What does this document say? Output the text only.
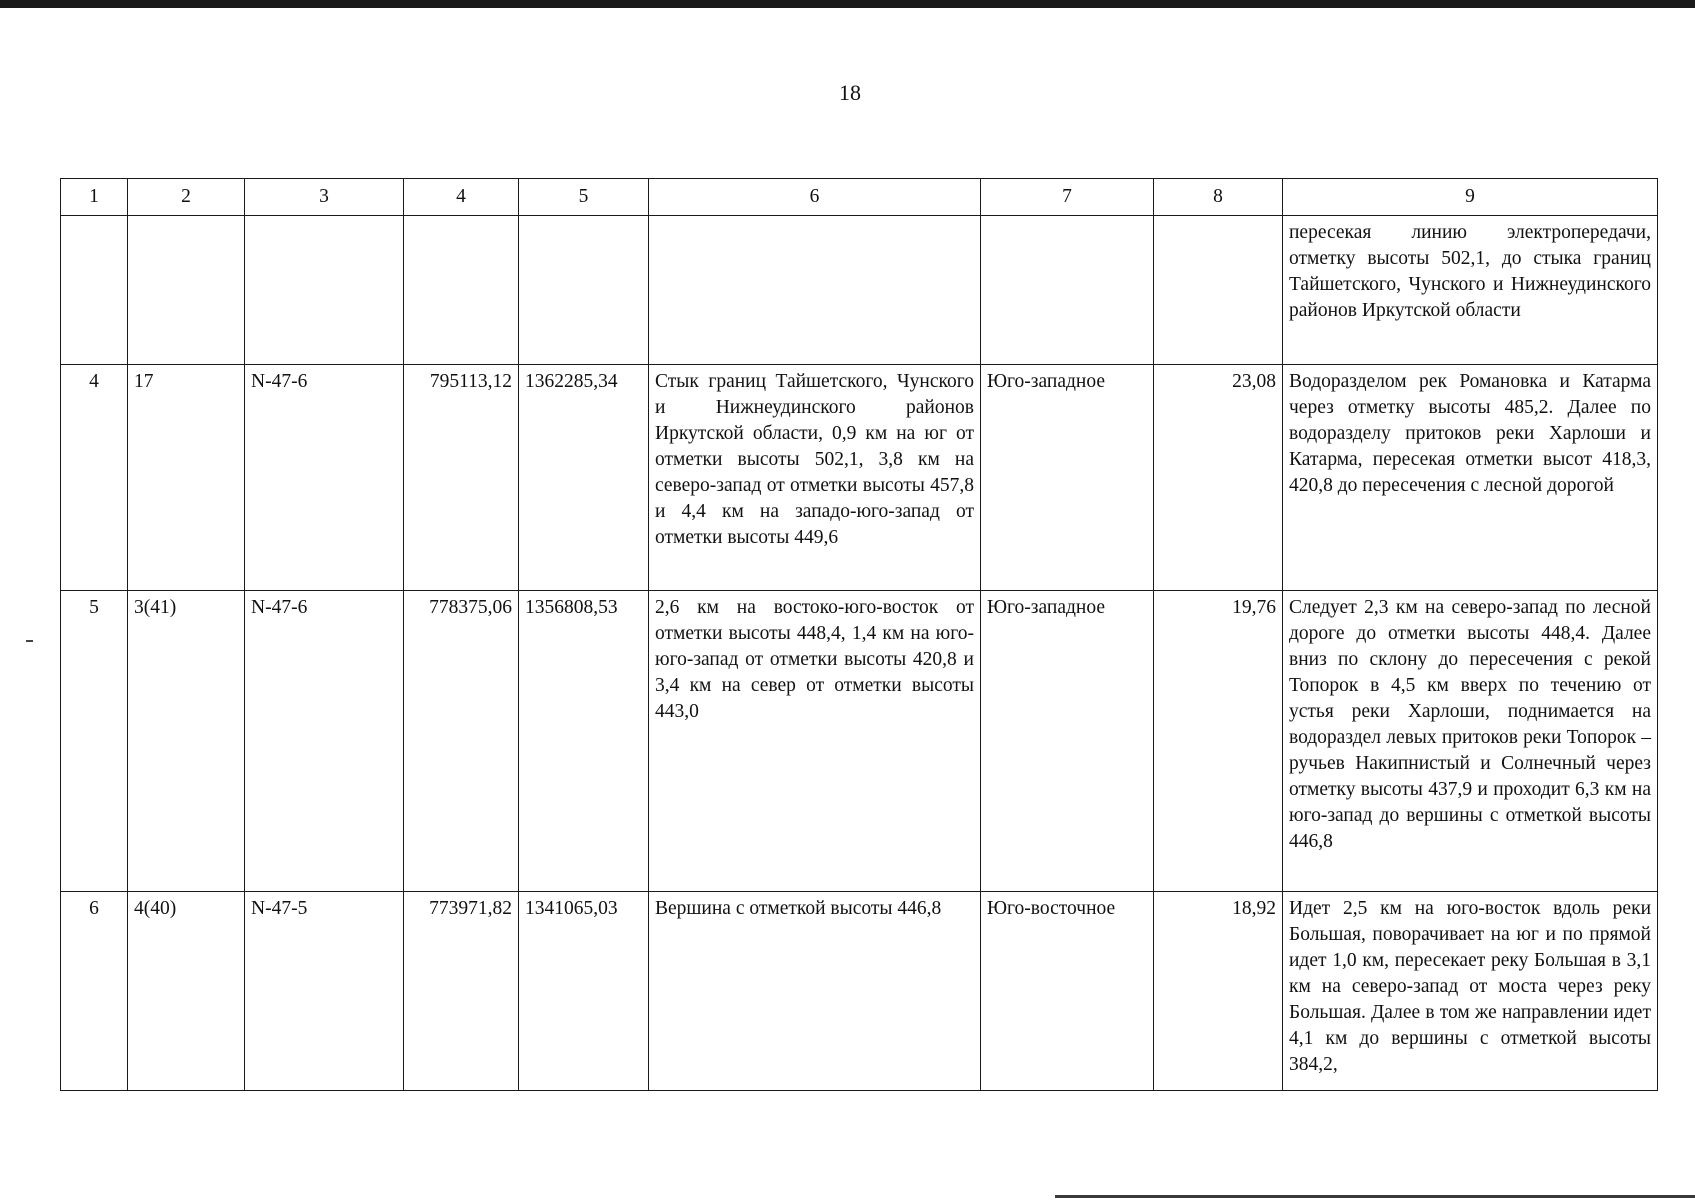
18
1	2	3	4	5	6	7	8	9
								пересекая линию электропередачи, отметку высоты 502,1, до стыка границ Тайшетского, Чунского и Нижнеудинского районов Иркутской области
4	17	N-47-6	795113,12	1362285,34	Стык границ Тайшетского, Чунского и Нижнеудинского районов Иркутской области, 0,9 км на юг от отметки высоты 502,1, 3,8 км на северо-запад от отметки высоты 457,8 и 4,4 км на западо-юго-запад от отметки высоты 449,6	Юго-западное	23,08	Водоразделом рек Романовка и Катарма через отметку высоты 485,2. Далее по водоразделу притоков реки Харлоши и Катарма, пересекая отметки высот 418,3, 420,8 до пересечения с лесной дорогой
5	3(41)	N-47-6	778375,06	1356808,53	2,6 км на востоко-юго-восток от отметки высоты 448,4, 1,4 км на юго-юго-запад от отметки высоты 420,8 и 3,4 км на север от отметки высоты 443,0	Юго-западное	19,76	Следует 2,3 км на северо-запад по лесной дороге до отметки высоты 448,4. Далее вниз по склону до пересечения с рекой Топорок в 4,5 км вверх по течению от устья реки Харлоши, поднимается на водораздел левых притоков реки Топорок – ручьев Накипнистый и Солнечный через отметку высоты 437,9 и проходит 6,3 км на юго-запад до вершины с отметкой высоты 446,8
6	4(40)	N-47-5	773971,82	1341065,03	Вершина с отметкой высоты 446,8	Юго-восточное	18,92	Идет 2,5 км на юго-восток вдоль реки Большая, поворачивает на юг и по прямой идет 1,0 км, пересекает реку Большая в 3,1 км на северо-запад от моста через реку Большая. Далее в том же направлении идет 4,1 км до вершины с отметкой высоты 384,2,
